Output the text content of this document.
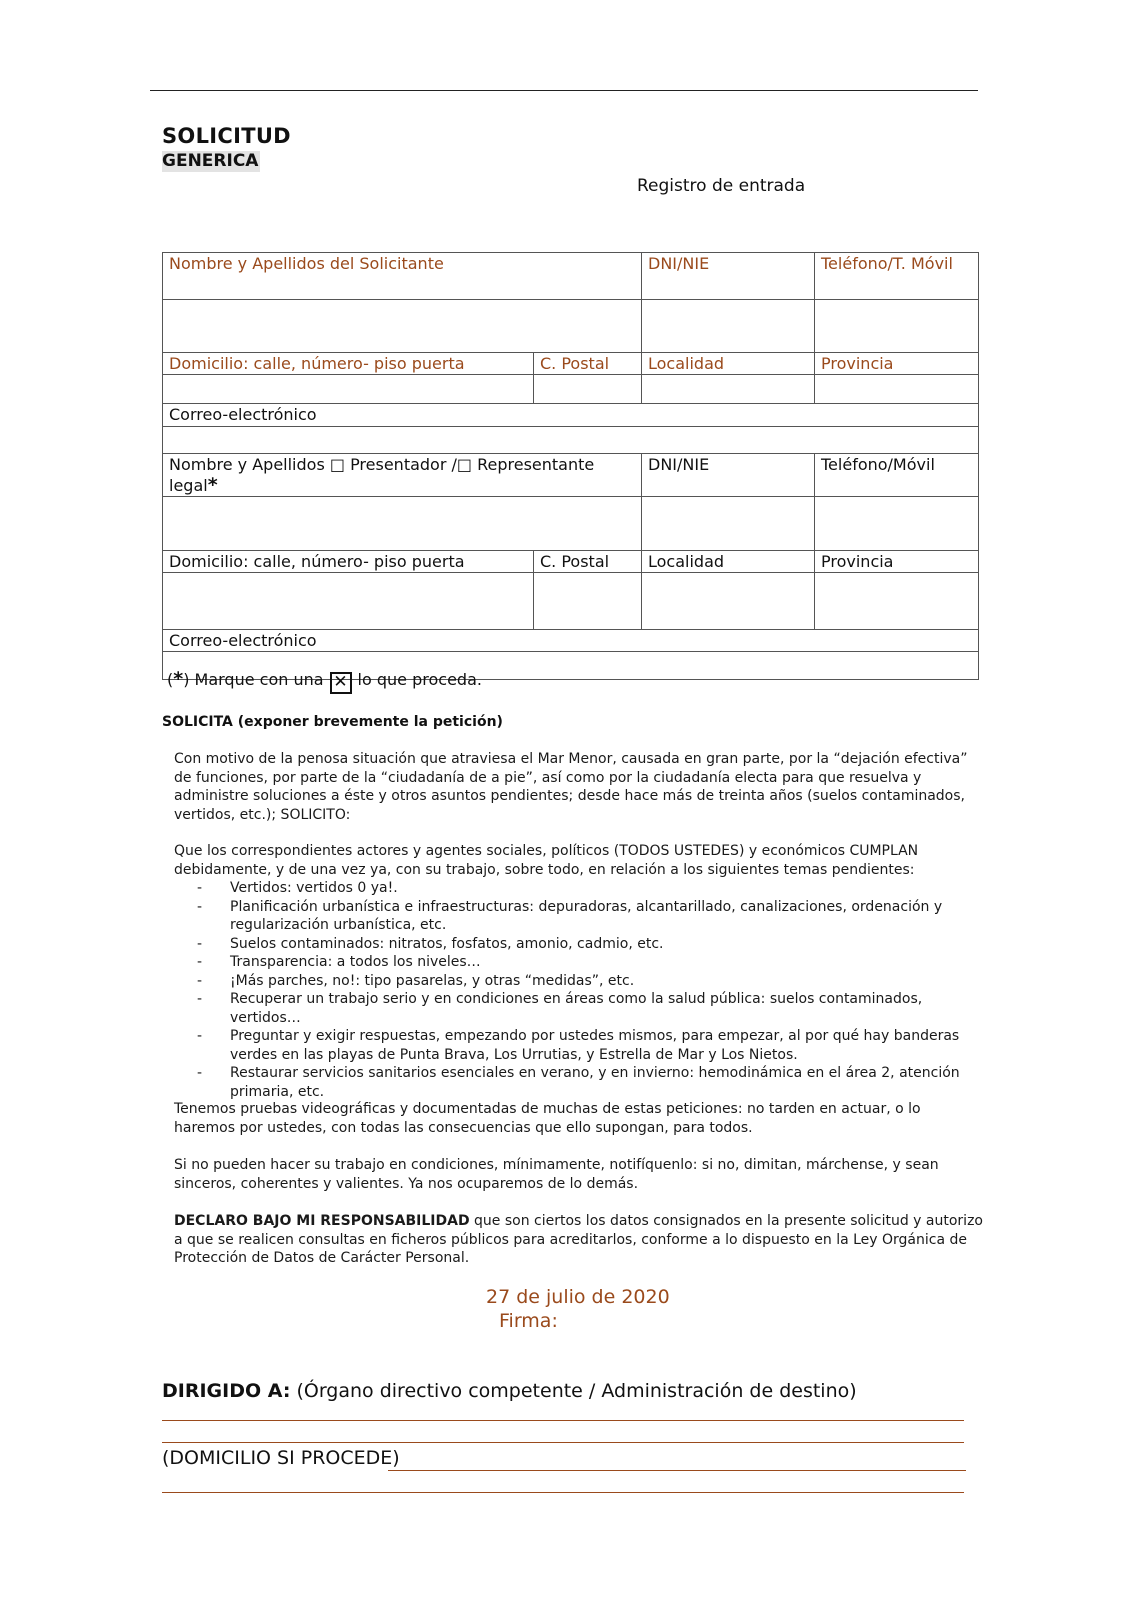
SOLICITUD
GENERICA
Registro de entrada
Nombre y Apellidos del Solicitante		DNI/NIE	Teléfono/T. Móvil

Domicilio: calle, número- piso puerta	C. Postal	Localidad	Provincia

Correo-electrónico			

Nombre y Apellidos □ Presentador /□ Representante legal*		DNI/NIE	Teléfono/Móvil

Domicilio: calle, número- piso puerta	C. Postal	Localidad	Provincia

Correo-electrónico			

(*) Marque con una ✕ lo que proceda.
SOLICITA (exponer brevemente la petición)
Con motivo de la penosa situación que atraviesa el Mar Menor, causada en gran parte, por la “dejación efectiva” de funciones, por parte de la “ciudadanía de a pie”, así como por la ciudadanía electa para que resuelva y administre soluciones a éste y otros asuntos pendientes; desde hace más de treinta años (suelos contaminados, vertidos, etc.); SOLICITO:
Que los correspondientes actores y agentes sociales, políticos (TODOS USTEDES) y económicos CUMPLAN debidamente, y de una vez ya, con su trabajo, sobre todo, en relación a los siguientes temas pendientes:
- Vertidos: vertidos 0 ya!.
- Planificación urbanística e infraestructuras: depuradoras, alcantarillado, canalizaciones, ordenación y regularización urbanística, etc.
- Suelos contaminados: nitratos, fosfatos, amonio, cadmio, etc.
- Transparencia: a todos los niveles…
- ¡Más parches, no!: tipo pasarelas, y otras “medidas”, etc.
- Recuperar un trabajo serio y en condiciones en áreas como la salud pública: suelos contaminados, vertidos…
- Preguntar y exigir respuestas, empezando por ustedes mismos, para empezar, al por qué hay banderas verdes en las playas de Punta Brava, Los Urrutias, y Estrella de Mar y Los Nietos.
- Restaurar servicios sanitarios esenciales en verano, y en invierno: hemodinámica en el área 2, atención primaria, etc.
Tenemos pruebas videográficas y documentadas de muchas de estas peticiones: no tarden en actuar, o lo haremos por ustedes, con todas las consecuencias que ello supongan, para todos.
Si no pueden hacer su trabajo en condiciones, mínimamente, notifíquenlo: si no, dimitan, márchense, y sean sinceros, coherentes y valientes. Ya nos ocuparemos de lo demás.
DECLARO BAJO MI RESPONSABILIDAD que son ciertos los datos consignados en la presente solicitud y autorizo a que se realicen consultas en ficheros públicos para acreditarlos, conforme a lo dispuesto en la Ley Orgánica de Protección de Datos de Carácter Personal.
27 de julio de 2020
Firma:
DIRIGIDO A: (Órgano directivo competente / Administración de destino)
(DOMICILIO SI PROCEDE)
